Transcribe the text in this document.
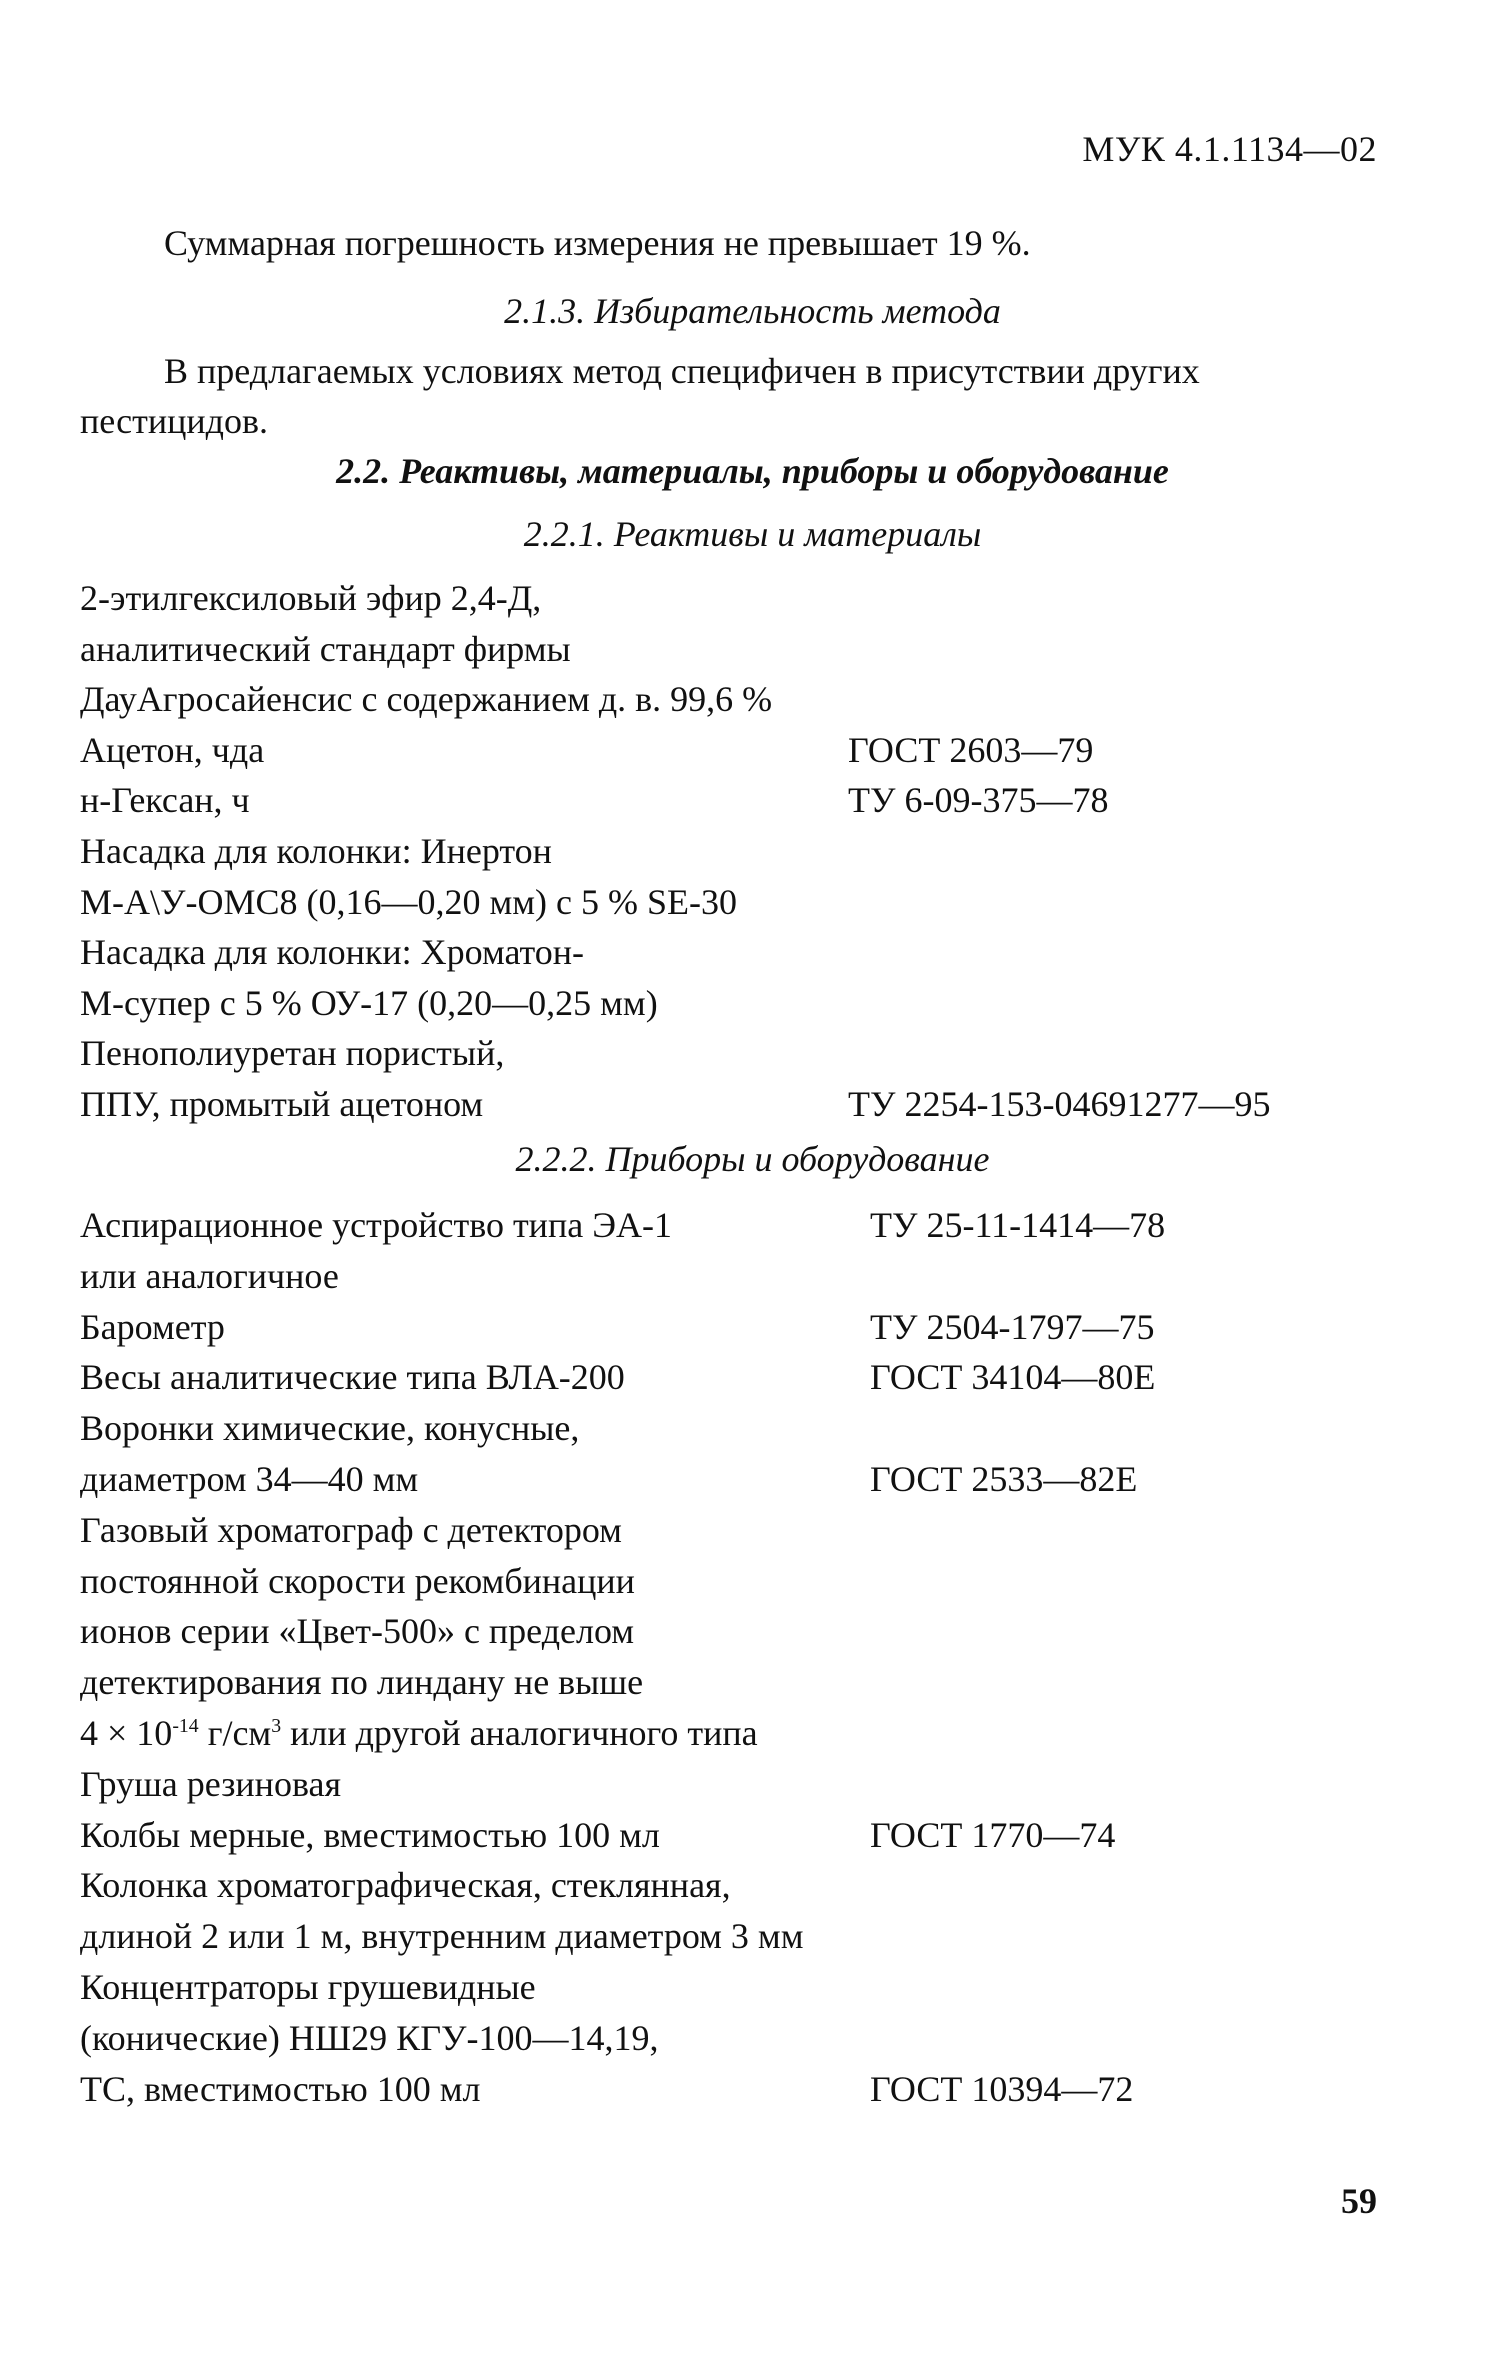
МУК 4.1.1134—02
Суммарная погрешность измерения не превышает 19 %.
2.1.3. Избирательность метода
В предлагаемых условиях метод специфичен в присутствии других пестицидов.
2.2. Реактивы, материалы, приборы и оборудование
2.2.1. Реактивы и материалы
2-этилгексиловый эфир 2,4-Д,
аналитический стандарт фирмы
ДауАгросайенсис с содержанием д. в. 99,6 %
Ацетон, чда	ГОСТ 2603—79
н-Гексан, ч	ТУ 6-09-375—78
Насадка для колонки: Инертон
М-А\У-ОМС8 (0,16—0,20 мм) с 5 % SE-30
Насадка для колонки: Хроматон-
М-супер с 5 % ОУ-17 (0,20—0,25 мм)
Пенополиуретан пористый,
ППУ, промытый ацетоном	ТУ 2254-153-04691277—95
2.2.2. Приборы и оборудование
Аспирационное устройство типа ЭА-1	ТУ 25-11-1414—78
или аналогичное
Барометр	ТУ 2504-1797—75
Весы аналитические типа ВЛА-200	ГОСТ 34104—80Е
Воронки химические, конусные,
диаметром 34—40 мм	ГОСТ 2533—82Е
Газовый хроматограф с детектором
постоянной скорости рекомбинации
ионов серии «Цвет-500» с пределом
детектирования по линдану не выше
$4 \times 10^{-14}$ $г/см^3$ или другой аналогичного типа
Груша резиновая
Колбы мерные, вместимостью 100 мл	ГОСТ 1770—74
Колонка хроматографическая, стеклянная,
длиной 2 или 1 м, внутренним диаметром 3 мм
Концентраторы грушевидные
(конические) НШ29 КГУ-100—14,19,
ТС, вместимостью 100 мл	ГОСТ 10394—72
59
